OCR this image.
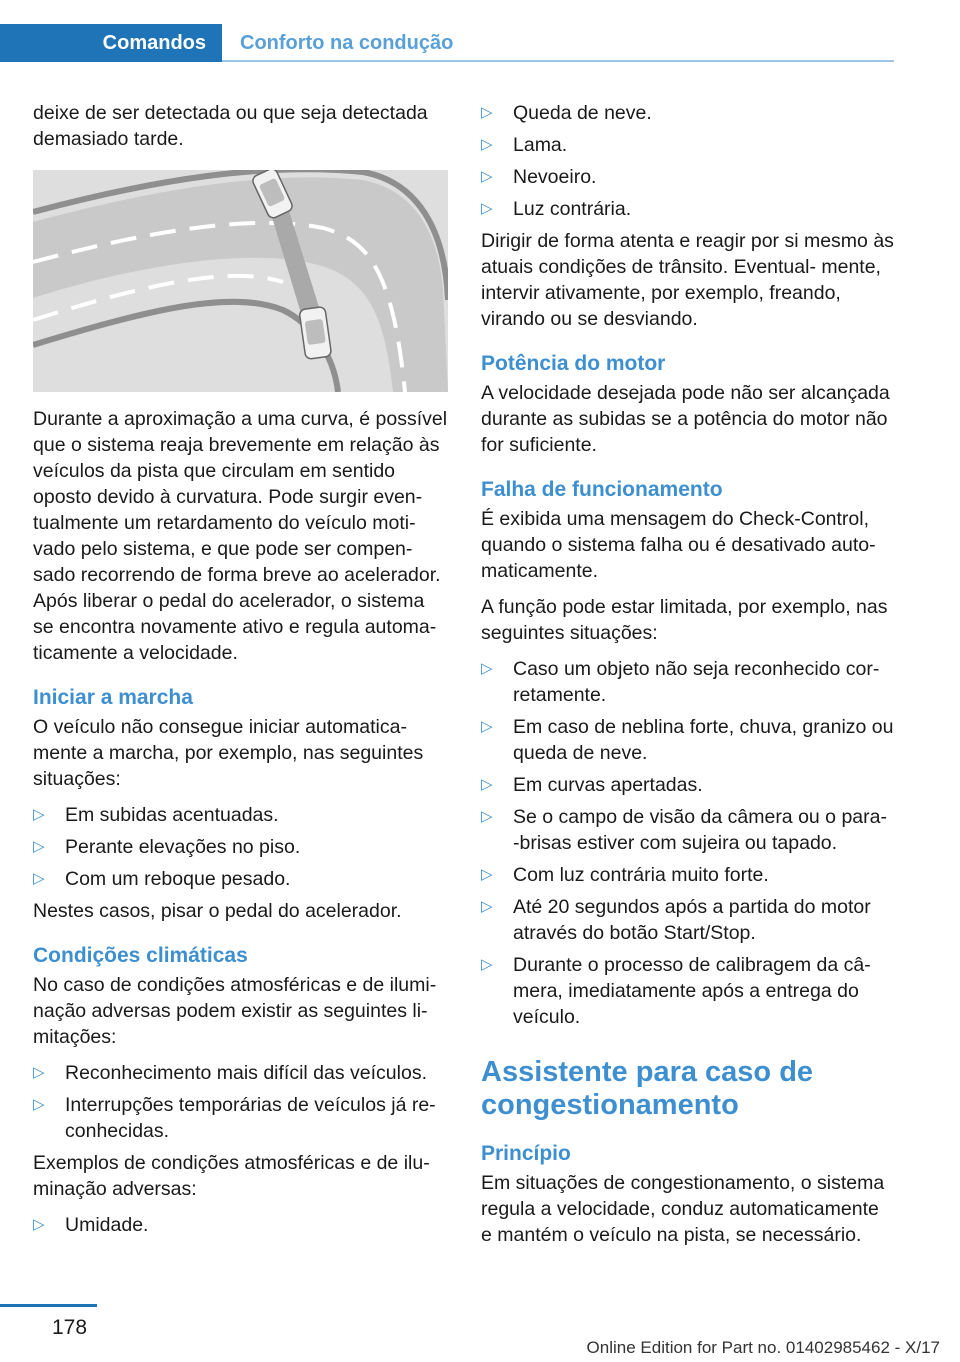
Comandos Conforto na condução

deixe de ser detectada ou que seja detectada demasiado tarde.

Durante a aproximação a uma curva, é possível que o sistema reaja brevemente em relação às veículos da pista que circulam em sentido oposto devido à curvatura. Pode surgir even- tualmente um retardamento do veículo moti- vado pelo sistema, e que pode ser compen- sado recorrendo de forma breve ao acelerador. Após liberar o pedal do acelerador, o sistema se encontra novamente ativo e regula automa- ticamente a velocidade.

Iniciar a marcha

O veículo não consegue iniciar automatica- mente a marcha, por exemplo, nas seguintes situações:

▷ Em subidas acentuadas.
▷ Perante elevações no piso.
▷ Com um reboque pesado.

Nestes casos, pisar o pedal do acelerador.

Condições climáticas

No caso de condições atmosféricas e de ilumi- nação adversas podem existir as seguintes li- mitações:

▷ Reconhecimento mais difícil das veículos.
▷ Interrupções temporárias de veículos já re- conhecidas.

Exemplos de condições atmosféricas e de ilu- minação adversas:

▷ Umidade.
▷ Queda de neve.
▷ Lama.
▷ Nevoeiro.
▷ Luz contrária.

Dirigir de forma atenta e reagir por si mesmo às atuais condições de trânsito. Eventual- mente, intervir ativamente, por exemplo, freando, virando ou se desviando.

Potência do motor

A velocidade desejada pode não ser alcançada durante as subidas se a potência do motor não for suficiente.

Falha de funcionamento

É exibida uma mensagem do Check-Control, quando o sistema falha ou é desativado auto- maticamente.

A função pode estar limitada, por exemplo, nas seguintes situações:

▷ Caso um objeto não seja reconhecido cor- retamente.
▷ Em caso de neblina forte, chuva, granizo ou queda de neve.
▷ Em curvas apertadas.
▷ Se o campo de visão da câmera ou o para- -brisas estiver com sujeira ou tapado.
▷ Com luz contrária muito forte.
▷ Até 20 segundos após a partida do motor através do botão Start/Stop.
▷ Durante o processo de calibragem da câ- mera, imediatamente após a entrega do veículo.
Assistente para caso de congestionamento
Princípio

Em situações de congestionamento, o sistema regula a velocidade, conduz automaticamente e mantém o veículo na pista, se necessário.

178
Online Edition for Part no. 01402985462 - X/17
